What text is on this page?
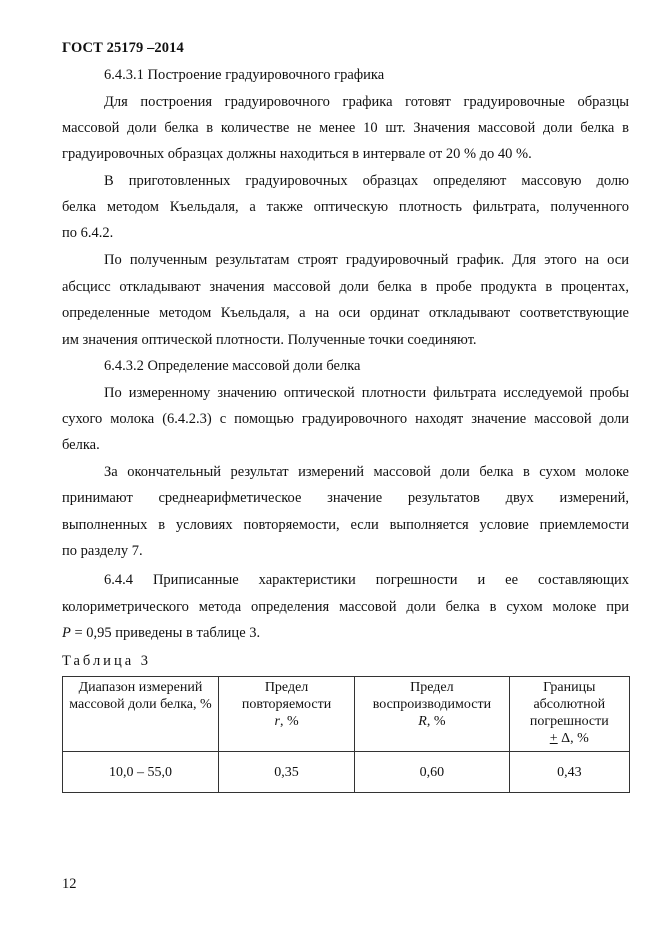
ГОСТ 25179 –2014
6.4.3.1 Построение градуировочного графика
Для построения градуировочного графика готовят градуировочные образцы
массовой доли белка в количестве не менее 10 шт. Значения массовой доли белка в
градуировочных образцах должны находиться в интервале от 20 % до 40 %.
В приготовленных градуировочных образцах определяют массовую долю
белка методом Къельдаля, а также оптическую плотность фильтрата, полученного
по 6.4.2.
По полученным результатам строят градуировочный график. Для этого на оси
абсцисс откладывают значения массовой доли белка в пробе продукта в процентах,
определенные методом Къельдаля, а на оси ординат откладывают соответствующие
им значения оптической плотности. Полученные точки соединяют.
6.4.3.2 Определение массовой доли белка
По измеренному значению оптической плотности фильтрата исследуемой пробы
сухого молока (6.4.2.3) с помощью градуировочного находят значение массовой доли
белка.
За окончательный результат измерений массовой доли белка в сухом молоке
принимают среднеарифметическое значение результатов двух измерений,
выполненных в условиях повторяемости, если выполняется условие приемлемости
по разделу 7.
6.4.4 Приписанные характеристики погрешности и ее составляющих
колориметрического метода определения массовой доли белка в сухом молоке при
P = 0,95 приведены в таблице 3.
Таблица 3
Диапазон измерений массовой доли белка, %	Предел повторяемости
r, %	Предел воспроизводимости
R, %	Границы абсолютной погрешности
+ Δ, %
10,0 – 55,0	0,35	0,60	0,43
12
